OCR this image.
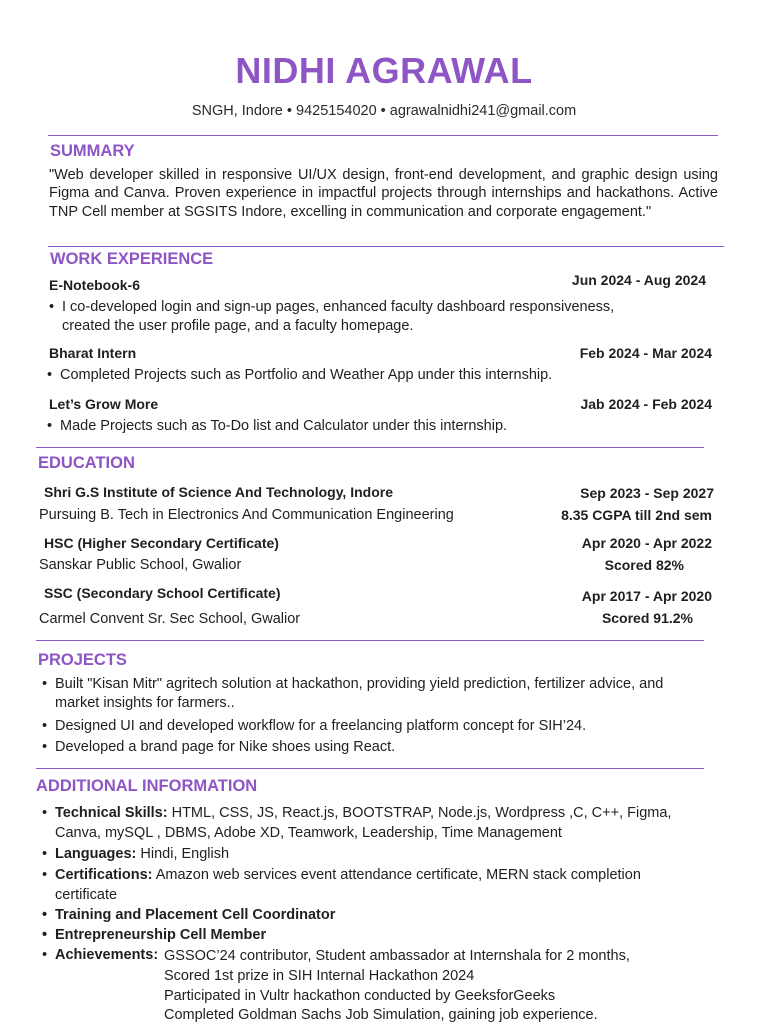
NIDHI AGRAWAL
SNGH, Indore • 9425154020 • agrawalnidhi241@gmail.com
SUMMARY
"Web developer skilled in responsive UI/UX design, front-end development, and graphic design using Figma and Canva. Proven experience in impactful projects through internships and hackathons. Active TNP Cell member at SGSITS Indore, excelling in communication and corporate engagement."
WORK EXPERIENCE
E-Notebook-6	Jun 2024 - Aug 2024
• I co-developed login and sign-up pages, enhanced faculty dashboard responsiveness, created the user profile page, and a faculty homepage.
Bharat Intern	Feb 2024 - Mar 2024
• Completed Projects such as Portfolio and Weather App under this internship.
Let’s Grow More	Jab 2024 - Feb 2024
• Made Projects such as To-Do list and Calculator under this internship.
EDUCATION
Shri G.S Institute of Science And Technology, Indore	Sep 2023 - Sep 2027
Pursuing B. Tech in Electronics And Communication Engineering	8.35 CGPA till 2nd sem
HSC (Higher Secondary Certificate)	Apr 2020 - Apr 2022
Sanskar Public School, Gwalior	Scored 82%
SSC (Secondary School Certificate)	Apr 2017 - Apr 2020
Carmel Convent Sr. Sec School, Gwalior	Scored 91.2%
PROJECTS
• Built "Kisan Mitr" agritech solution at hackathon, providing yield prediction, fertilizer advice, and market insights for farmers..
• Designed UI and developed workflow for a freelancing platform concept for SIH’24.
• Developed a brand page for Nike shoes using React.
ADDITIONAL INFORMATION
• Technical Skills: HTML, CSS, JS, React.js, BOOTSTRAP, Node.js, Wordpress ,C, C++, Figma, Canva, mySQL , DBMS, Adobe XD, Teamwork, Leadership, Time Management
• Languages: Hindi, English
• Certifications: Amazon web services event attendance certificate, MERN stack completion certificate
• Training and Placement Cell Coordinator
• Entrepreneurship Cell Member
• Achievements: GSSOC’24 contributor, Student ambassador at Internshala for 2 months,
Scored 1st prize in SIH Internal Hackathon 2024
Participated in Vultr hackathon conducted by GeeksforGeeks
Completed Goldman Sachs Job Simulation, gaining job experience.
